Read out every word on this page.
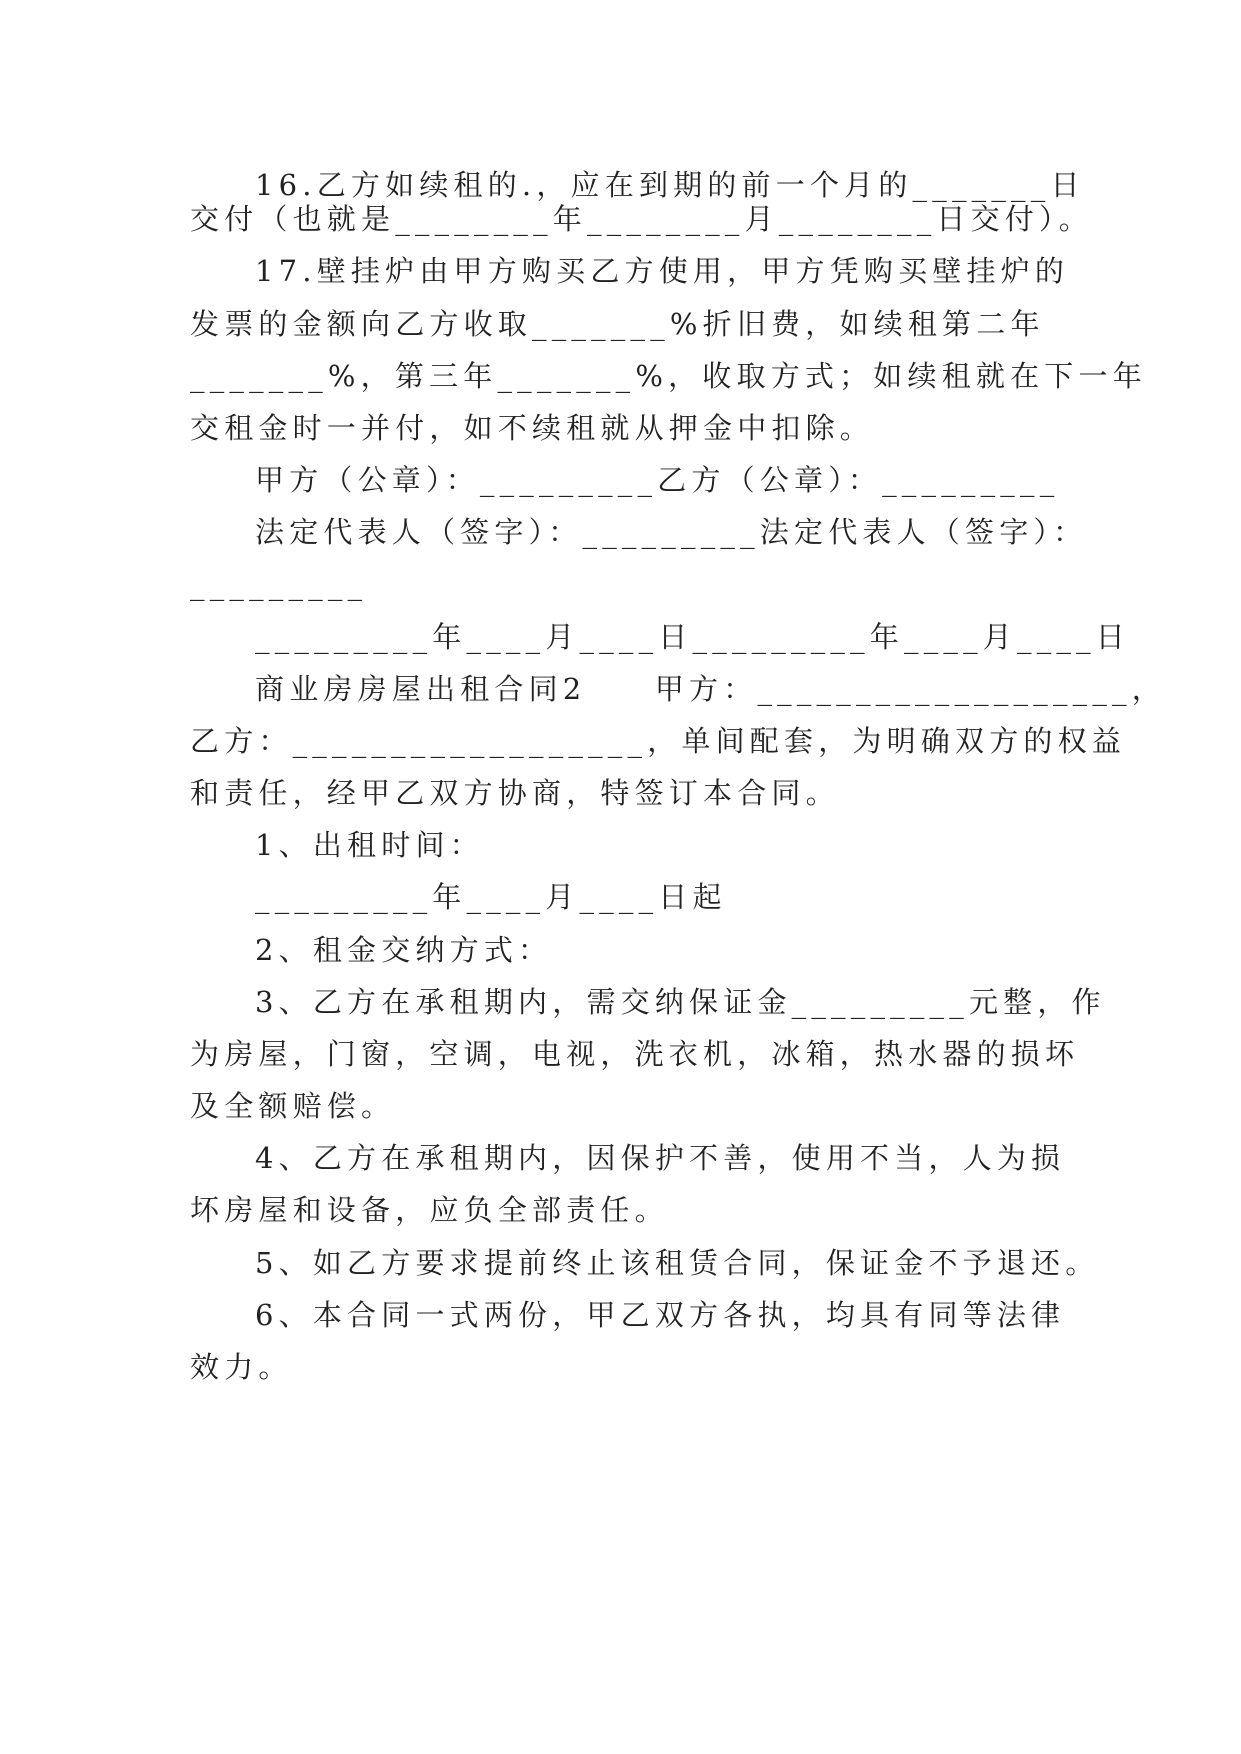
16.乙方如续租的.，应在到期的前一个月的_______日
交付（也就是________年________月________日交付）。
17.壁挂炉由甲方购买乙方使用，甲方凭购买壁挂炉的
发票的金额向乙方收取_______%折旧费，如续租第二年
_______%，第三年_______%，收取方式；如续租就在下一年
交租金时一并付，如不续租就从押金中扣除。
甲方（公章）：_________乙方（公章）：_________
法定代表人（签字）：_________法定代表人（签字）：
_________
_________年____月____日_________年____月____日
商业房房屋出租合同2　　甲方：___________________，
乙方：__________________，单间配套，为明确双方的权益
和责任，经甲乙双方协商，特签订本合同。
1、出租时间：
_________年____月____日起
2、租金交纳方式：
3、乙方在承租期内，需交纳保证金_________元整，作
为房屋，门窗，空调，电视，洗衣机，冰箱，热水器的损坏
及全额赔偿。
4、乙方在承租期内，因保护不善，使用不当，人为损
坏房屋和设备，应负全部责任。
5、如乙方要求提前终止该租赁合同，保证金不予退还。
6、本合同一式两份，甲乙双方各执，均具有同等法律
效力。
